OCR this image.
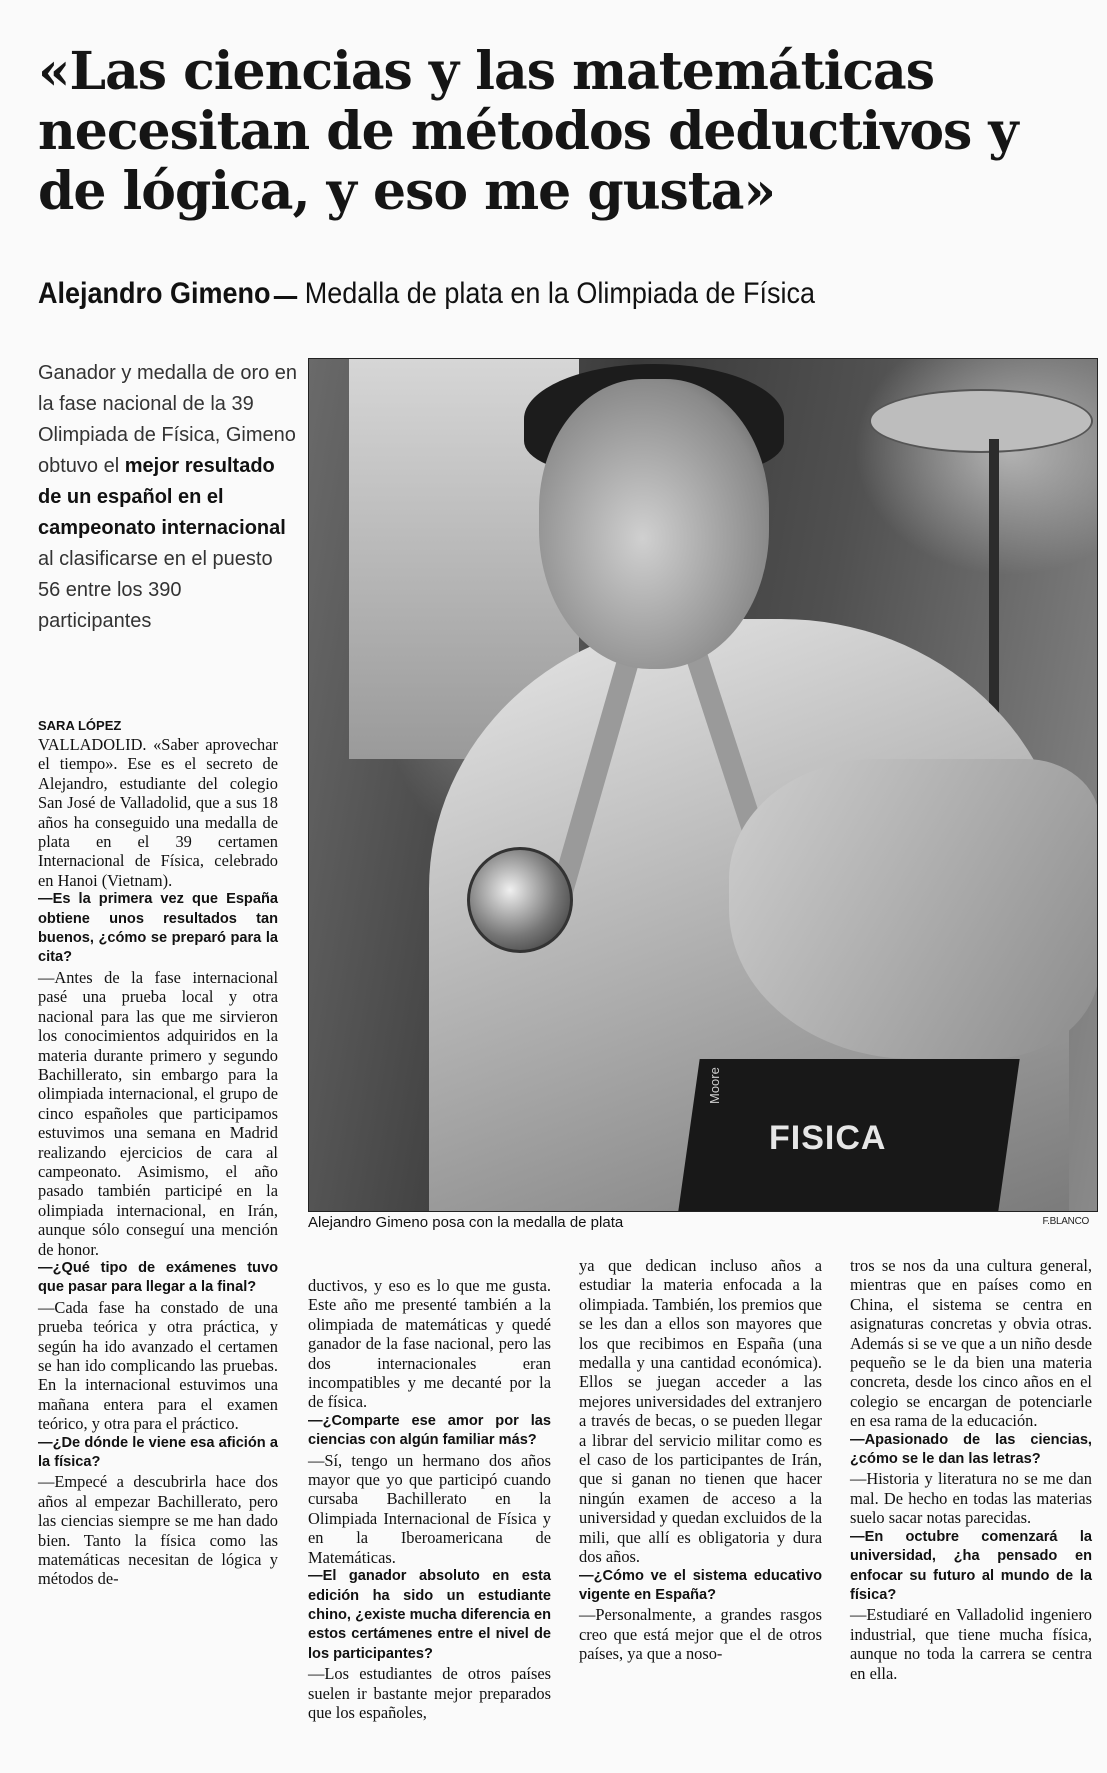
«Las ciencias y las matemáticas necesitan de métodos deductivos y de lógica, y eso me gusta»
Alejandro Gimeno Medalla de plata en la Olimpiada de Física
Ganador y medalla de oro en la fase nacional de la 39 Olimpiada de Física, Gimeno obtuvo el mejor resultado de un español en el campeonato internacional al clasificarse en el puesto 56 entre los 390 participantes
FISICA
Moore
Alejandro Gimeno posa con la medalla de plata	F.BLANCO
SARA LÓPEZ

VALLADOLID. «Saber aprovechar el tiempo». Ese es el secreto de Alejandro, estudiante del colegio San José de Valladolid, que a sus 18 años ha conseguido una medalla de plata en el 39 certamen Internacional de Física, celebrado en Hanoi (Vietnam).

—Es la primera vez que España obtiene unos resultados tan buenos, ¿cómo se preparó para la cita?

—Antes de la fase internacional pasé una prueba local y otra nacional para las que me sirvieron los conocimientos adquiridos en la materia durante primero y segundo Bachillerato, sin embargo para la olimpiada internacional, el grupo de cinco españoles que participamos estuvimos una semana en Madrid realizando ejercicios de cara al campeonato. Asimismo, el año pasado también participé en la olimpiada internacional, en Irán, aunque sólo conseguí una mención de honor.

—¿Qué tipo de exámenes tuvo que pasar para llegar a la final?

—Cada fase ha constado de una prueba teórica y otra práctica, y según ha ido avanzado el certamen se han ido complicando las pruebas. En la internacional estuvimos una mañana entera para el examen teórico, y otra para el práctico.

—¿De dónde le viene esa afición a la física?

—Empecé a descubrirla hace dos años al empezar Bachillerato, pero las ciencias siempre se me han dado bien. Tanto la física como las matemáticas necesitan de lógica y métodos de-

ductivos, y eso es lo que me gusta. Este año me presenté también a la olimpiada de matemáticas y quedé ganador de la fase nacional, pero las dos internacionales eran incompatibles y me decanté por la de física.

—¿Comparte ese amor por las ciencias con algún familiar más?

—Sí, tengo un hermano dos años mayor que yo que participó cuando cursaba Bachillerato en la Olimpiada Internacional de Física y en la Iberoamericana de Matemáticas.

—El ganador absoluto en esta edición ha sido un estudiante chino, ¿existe mucha diferencia en estos certámenes entre el nivel de los participantes?

—Los estudiantes de otros países suelen ir bastante mejor preparados que los españoles,

ya que dedican incluso años a estudiar la materia enfocada a la olimpiada. También, los premios que se les dan a ellos son mayores que los que recibimos en España (una medalla y una cantidad económica). Ellos se juegan acceder a las mejores universidades del extranjero a través de becas, o se pueden llegar a librar del servicio militar como es el caso de los participantes de Irán, que si ganan no tienen que hacer ningún examen de acceso a la universidad y quedan excluidos de la mili, que allí es obligatoria y dura dos años.

—¿Cómo ve el sistema educativo vigente en España?

—Personalmente, a grandes rasgos creo que está mejor que el de otros países, ya que a noso-

tros se nos da una cultura general, mientras que en países como en China, el sistema se centra en asignaturas concretas y obvia otras. Además si se ve que a un niño desde pequeño se le da bien una materia concreta, desde los cinco años en el colegio se encargan de potenciarle en esa rama de la educación.

—Apasionado de las ciencias, ¿cómo se le dan las letras?

—Historia y literatura no se me dan mal. De hecho en todas las materias suelo sacar notas parecidas.

—En octubre comenzará la universidad, ¿ha pensado en enfocar su futuro al mundo de la física?

—Estudiaré en Valladolid ingeniero industrial, que tiene mucha física, aunque no toda la carrera se centra en ella.
